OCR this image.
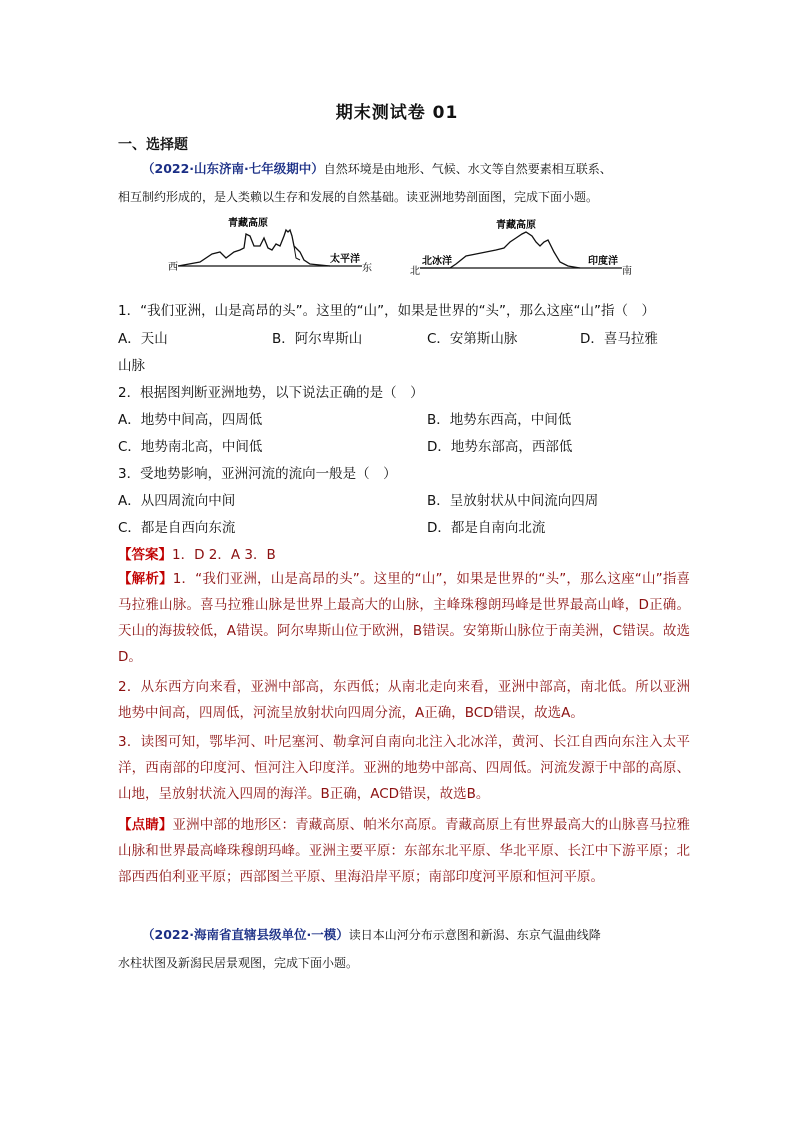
期末测试卷 01
一、选择题
（2022·山东济南·七年级期中）自然环境是由地形、气候、水文等自然要素相互联系、
相互制约形成的，是人类赖以生存和发展的自然基础。读亚洲地势剖面图，完成下面小题。
西	东
青藏高原
太平洋
北	南
青藏高原
北冰洋	印度洋
1．“我们亚洲，山是高昂的头”。这里的“山”，如果是世界的“头”，那么这座“山”指（　）
A．天山	B．阿尔卑斯山	C．安第斯山脉	D．喜马拉雅
山脉
2．根据图判断亚洲地势，以下说法正确的是（　）
A．地势中间高，四周低	B．地势东西高，中间低
C．地势南北高，中间低	D．地势东部高，西部低
3．受地势影响，亚洲河流的流向一般是（　）
A．从四周流向中间	B．呈放射状从中间流向四周
C．都是自西向东流	D．都是自南向北流
【答案】1．D 2．A 3．B
【解析】1．“我们亚洲，山是高昂的头”。这里的“山”，如果是世界的“头”，那么这座“山”指喜马拉雅山脉。喜马拉雅山脉是世界上最高大的山脉，主峰珠穆朗玛峰是世界最高山峰，D正确。天山的海拔较低，A错误。阿尔卑斯山位于欧洲，B错误。安第斯山脉位于南美洲，C错误。故选D。
2．从东西方向来看，亚洲中部高，东西低；从南北走向来看，亚洲中部高，南北低。所以亚洲地势中间高，四周低，河流呈放射状向四周分流，A正确，BCD错误，故选A。
3．读图可知，鄂毕河、叶尼塞河、勒拿河自南向北注入北冰洋，黄河、长江自西向东注入太平洋，西南部的印度河、恒河注入印度洋。亚洲的地势中部高、四周低。河流发源于中部的高原、山地，呈放射状流入四周的海洋。B正确，ACD错误，故选B。
【点睛】亚洲中部的地形区：青藏高原、帕米尔高原。青藏高原上有世界最高大的山脉喜马拉雅山脉和世界最高峰珠穆朗玛峰。亚洲主要平原：东部东北平原、华北平原、长江中下游平原；北部西西伯利亚平原；西部图兰平原、里海沿岸平原；南部印度河平原和恒河平原。
（2022·海南省直辖县级单位·一模）读日本山河分布示意图和新潟、东京气温曲线降
水柱状图及新潟民居景观图，完成下面小题。
